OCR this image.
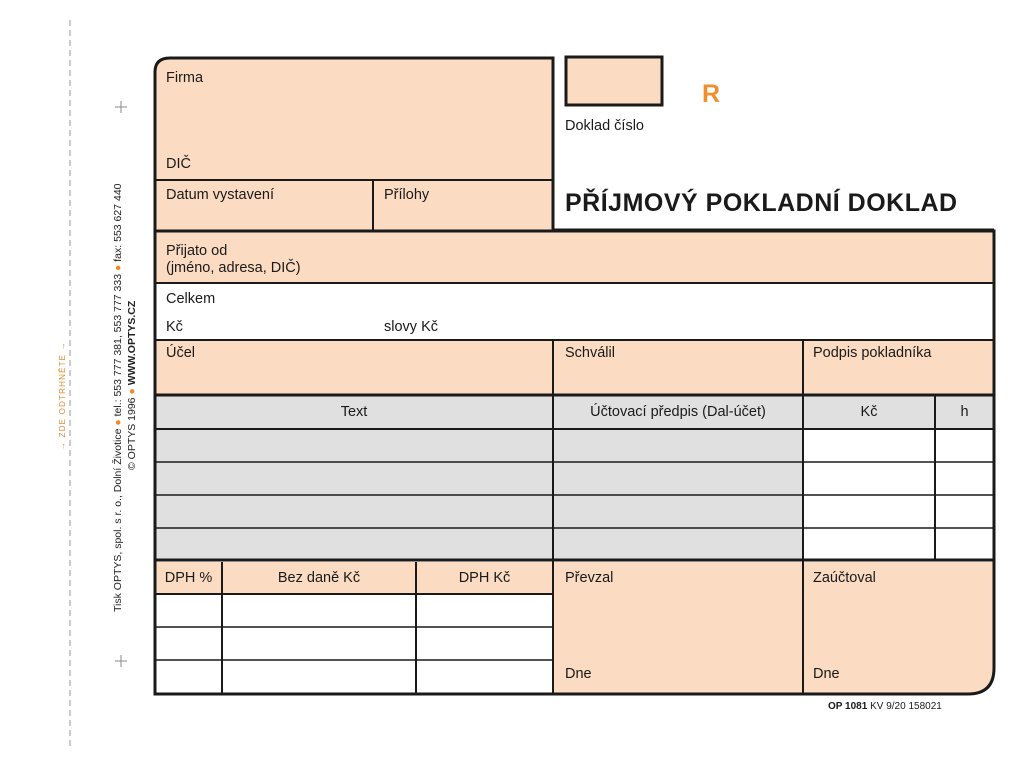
→ ZDE ODTRHNĚTE →
Tisk OPTYS, spol. s r. o., Dolní Životice ● tel.: 553 777 381, 553 777 333 ● fax: 553 627 440
© OPTYS 1996 ● WWW.OPTYS.CZ
Firma
DIČ
Datum vystavení	Přílohy
R
Doklad číslo
PŘÍJMOVÝ POKLADNÍ DOKLAD
Přijato od
(jméno, adresa, DIČ)
Celkem
Kč	slovy Kč
Účel	Schválil	Podpis pokladníka
Text	Účtovací předpis (Dal-účet)	Kč	h
DPH %	Bez daně Kč	DPH Kč	Převzal	Zaúčtoval
Dne	Dne
OP 1081 KV 9/20 158021
